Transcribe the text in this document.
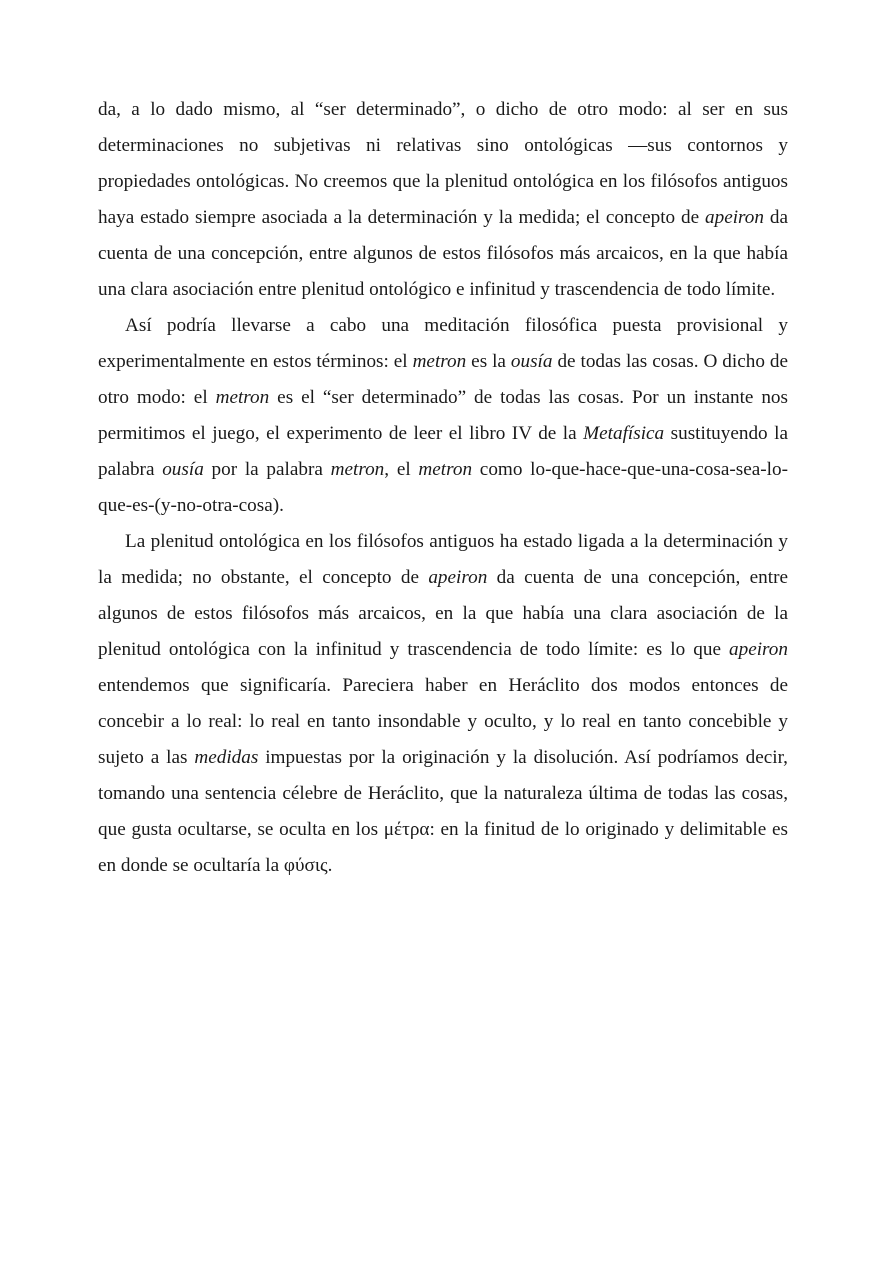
da, a lo dado mismo, al “ser determinado”, o dicho de otro modo: al ser en sus determinaciones no subjetivas ni relativas sino ontológicas —sus contornos y propiedades ontológicas. No creemos que la plenitud ontológica en los filósofos antiguos haya estado siempre asociada a la determinación y la medida; el concepto de apeiron da cuenta de una concepción, entre algunos de estos filósofos más arcaicos, en la que había una clara asociación entre plenitud ontológico e infinitud y trascendencia de todo límite.

Así podría llevarse a cabo una meditación filosófica puesta provisional y experimentalmente en estos términos: el metron es la ousía de todas las cosas. O dicho de otro modo: el metron es el “ser determinado” de todas las cosas. Por un instante nos permitimos el juego, el experimento de leer el libro IV de la Metafísica sustituyendo la palabra ousía por la palabra metron, el metron como lo-que-hace-que-una-cosa-sea-lo-que-es-(y-no-otra-cosa).

La plenitud ontológica en los filósofos antiguos ha estado ligada a la determinación y la medida; no obstante, el concepto de apeiron da cuenta de una concepción, entre algunos de estos filósofos más arcaicos, en la que había una clara asociación de la plenitud ontológica con la infinitud y trascendencia de todo límite: es lo que apeiron entendemos que significaría. Pareciera haber en Heráclito dos modos entonces de concebir a lo real: lo real en tanto insondable y oculto, y lo real en tanto concebible y sujeto a las medidas impuestas por la originación y la disolución. Así podríamos decir, tomando una sentencia célebre de Heráclito, que la naturaleza última de todas las cosas, que gusta ocultarse, se oculta en los μέτρα: en la finitud de lo originado y delimitable es en donde se ocultaría la φύσις.
